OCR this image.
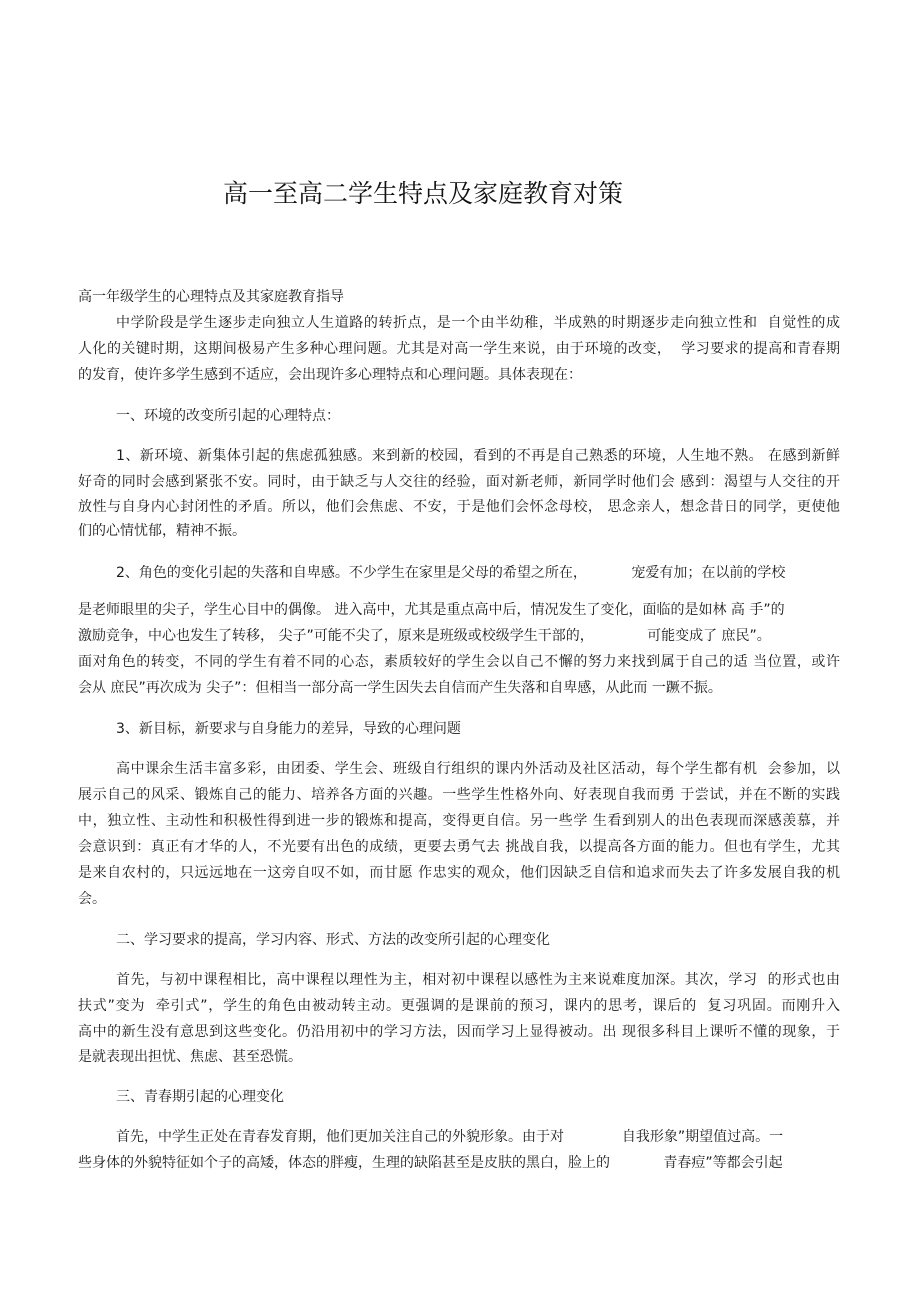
高一至高二学生特点及家庭教育对策
高一年级学生的心理特点及其家庭教育指导
中学阶段是学生逐步走向独立人生道路的转折点，是一个由半幼稚，半成熟的时期逐步走向独立性和  自觉性的成
人化的关键时期，这期间极易产生多种心理问题。尤其是对高一学生来说，由于环境的改变，  学习要求的提高和青春期
的发育，使许多学生感到不适应，会出现许多心理特点和心理问题。具体表现在：
一、环境的改变所引起的心理特点：
1、新环境、新集体引起的焦虑孤独感。来到新的校园，看到的不再是自己熟悉的环境，人生地不熟。 在感到新鲜
好奇的同时会感到紧张不安。同时，由于缺乏与人交往的经验，面对新老师，新同学时他们会 感到：渴望与人交往的开
放性与自身内心封闭性的矛盾。所以，他们会焦虑、不安，于是他们会怀念母校， 思念亲人，想念昔日的同学，更使他
们的心情忧郁，精神不振。
2、角色的变化引起的失落和自卑感。不少学生在家里是父母的希望之所在，          宠爱有加；在以前的学校
是老师眼里的尖子，学生心目中的偶像。 进入高中，尤其是重点高中后，情况发生了变化，面临的是如林 高 手”的
激励竞争，中心也发生了转移， 尖子”可能不尖了，原来是班级或校级学生干部的，            可能变成了 庶民”。
面对角色的转变，不同的学生有着不同的心态，素质较好的学生会以自己不懈的努力来找到属于自己的适 当位置，或许
会从 庶民”再次成为 尖子”：但相当一部分高一学生因失去自信而产生失落和自卑感，从此而 一蹶不振。
3、新目标，新要求与自身能力的差异，导致的心理问题
高中课余生活丰富多彩，由团委、学生会、班级自行组织的课内外活动及社区活动，每个学生都有机  会参加，以
展示自己的风采、锻炼自己的能力、培养各方面的兴趣。一些学生性格外向、好表现自我而勇 于尝试，并在不断的实践
中，独立性、主动性和积极性得到进一步的锻炼和提高，变得更自信。另一些学 生看到别人的出色表现而深感羡慕，并
会意识到：真正有才华的人，不光要有出色的成绩，更要去勇气去 挑战自我，以提高各方面的能力。但也有学生，尤其
是来自农村的，只远远地在一这旁自叹不如，而甘愿 作忠实的观众，他们因缺乏自信和追求而失去了许多发展自我的机
会。
二、学习要求的提高，学习内容、形式、方法的改变所引起的心理变化
首先，与初中课程相比，高中课程以理性为主，相对初中课程以感性为主来说难度加深。其次，学习  的形式也由
扶式”变为  牵引式”，学生的角色由被动转主动。更强调的是课前的预习，课内的思考，课后的  复习巩固。而刚升入
高中的新生没有意思到这些变化。仍沿用初中的学习方法，因而学习上显得被动。出 现很多科目上课听不懂的现象，于
是就表现出担忧、焦虑、甚至恐慌。
三、青春期引起的心理变化
首先，中学生正处在青春发育期，他们更加关注自己的外貌形象。由于对             自我形象”期望值过高。一
些身体的外貌特征如个子的高矮，体态的胖瘦，生理的缺陷甚至是皮肤的黑白，脸上的            青春痘”等都会引起
